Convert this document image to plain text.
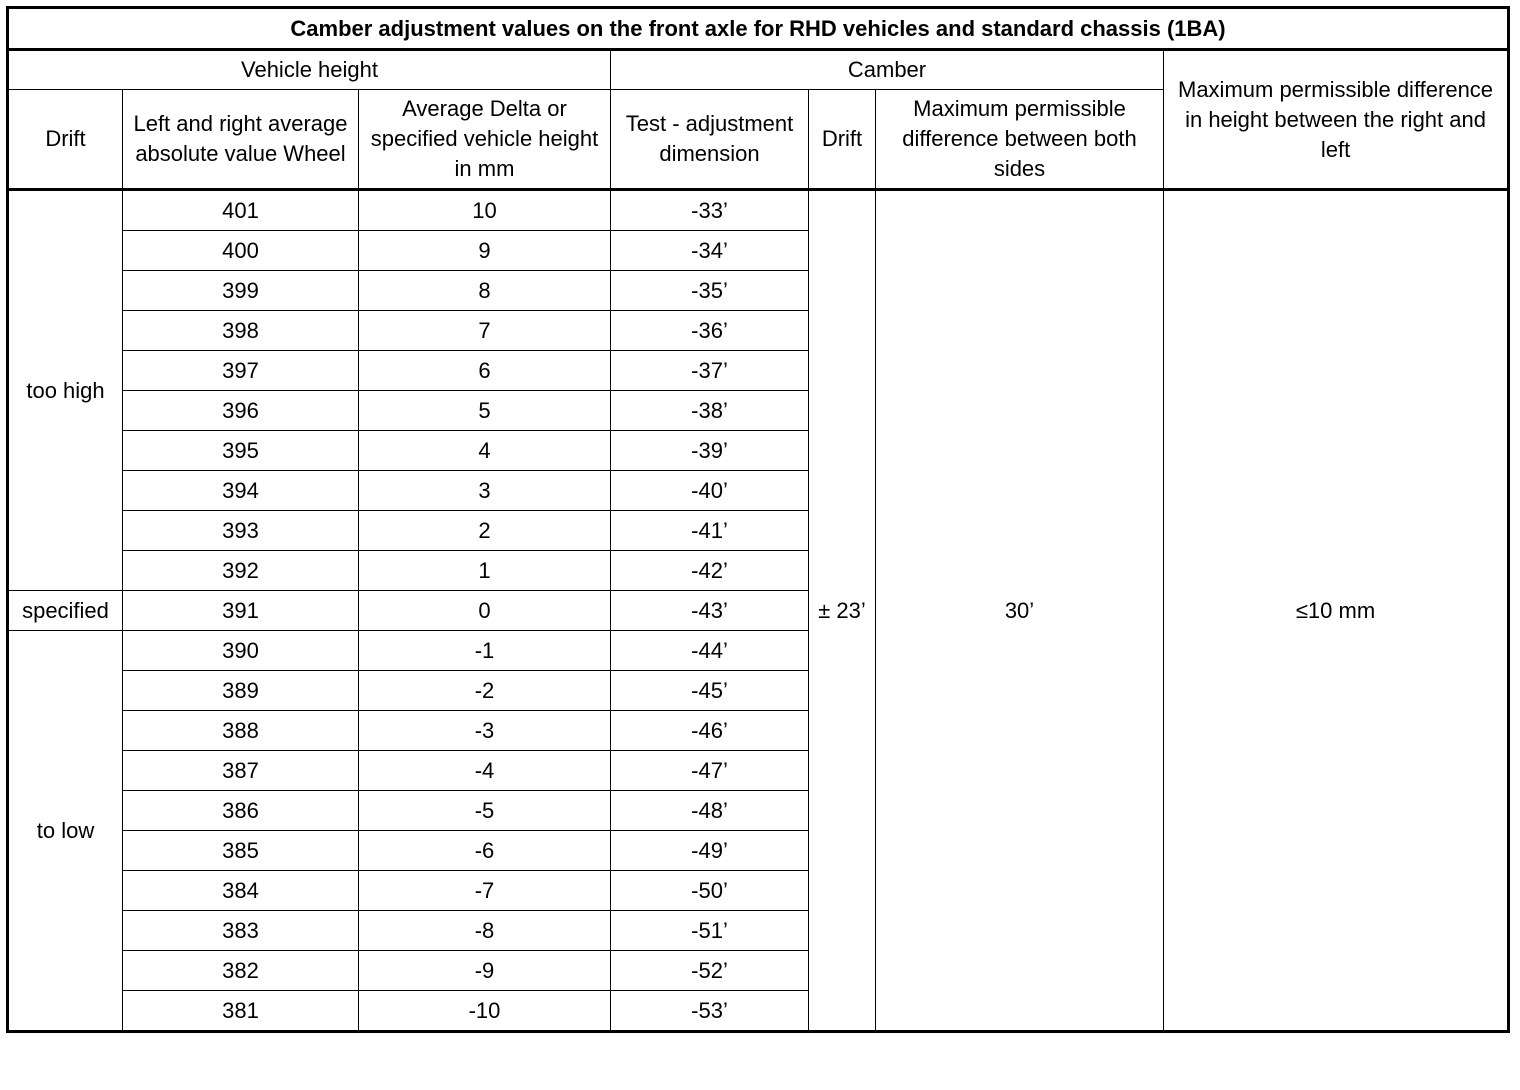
Camber adjustment values on the front axle for RHD vehicles and standard chassis (1BA)						
Vehicle height			Camber			Maximum permissible difference in height between the right and left
Drift	Left and right average absolute value Wheel	Average Delta or specified vehicle height in mm	Test - adjustment dimension	Drift	Maximum permissible difference between both sides	
too high	401	10	-33’	± 23’	30’	≤10 mm
	400	9	-34’			
	399	8	-35’			
	398	7	-36’			
	397	6	-37’			
	396	5	-38’			
	395	4	-39’			
	394	3	-40’			
	393	2	-41’			
	392	1	-42’			
specified	391	0	-43’			
to low	390	-1	-44’			
	389	-2	-45’			
	388	-3	-46’			
	387	-4	-47’			
	386	-5	-48’			
	385	-6	-49’			
	384	-7	-50’			
	383	-8	-51’			
	382	-9	-52’			
	381	-10	-53’			
